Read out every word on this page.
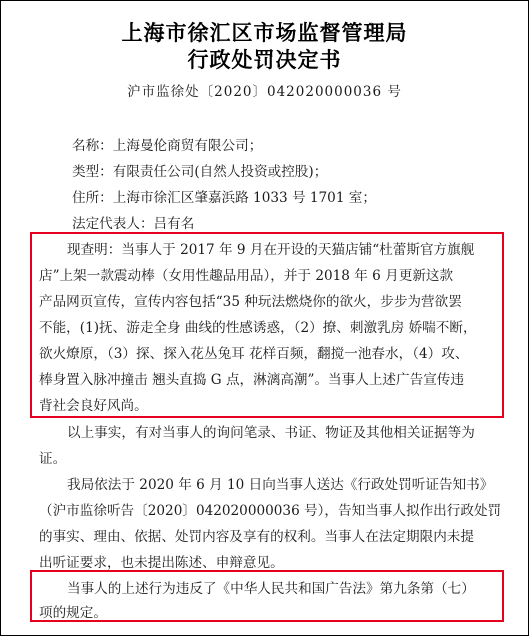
上海市徐汇区市场监督管理局
行政处罚决定书
沪市监徐处〔2020〕042020000036 号
名称：上海曼伦商贸有限公司；
类型：有限责任公司(自然人投资或控股)；
住所：上海市徐汇区肇嘉浜路 1033 号 1701 室；
法定代表人：吕有名
现查明：当事人于 2017 年 9 月在开设的天猫店铺“杜蕾斯官方旗舰
店”上架一款震动棒（女用性趣品用品），并于 2018 年 6 月更新这款
产品网页宣传，宣传内容包括“35 种玩法燃烧你的欲火，步步为营欲罢
不能，(1)抚、游走全身 曲线的性感诱惑，（2）撩、刺激乳房 娇喘不断，
欲火燎原，（3）探、探入花丛兔耳 花样百频，翻搅一池春水，（4）攻、
棒身置入脉冲撞击 翘头直捣 G 点，淋漓高潮”。当事人上述广告宣传违
背社会良好风尚。
以上事实，有对当事人的询问笔录、书证、物证及其他相关证据等为
证。
我局依法于 2020 年 6 月 10 日向当事人送达《行政处罚听证告知书》
（沪市监徐听告〔2020〕042020000036 号），告知当事人拟作出行政处罚
的事实、理由、依据、处罚内容及享有的权利。当事人在法定期限内未提
出听证要求，也未提出陈述、申辩意见。
当事人的上述行为违反了《中华人民共和国广告法》第九条第（七）
项的规定。
